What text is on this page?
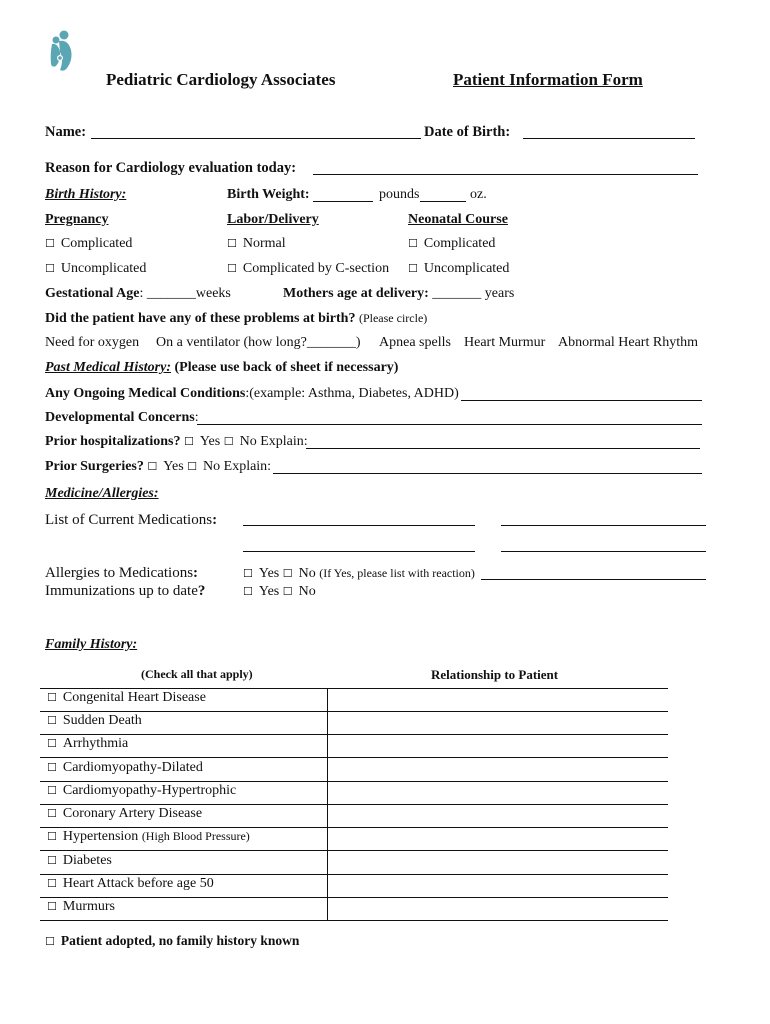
Pediatric Cardiology Associates	Patient Information Form
Name:	Date of Birth:
Reason for Cardiology evaluation today:
Birth History:	Birth Weight:	pounds	oz.
Pregnancy	Labor/Delivery	Neonatal Course
☐ Complicated	☐ Normal	☐ Complicated
☐ Uncomplicated	☐ Complicated by C-section ☐ Uncomplicated
Gestational Age: _______weeks	Mothers age at delivery: _______ years
Did the patient have any of these problems at birth? (Please circle)
Need for oxygen On a ventilator (how long?_______) Apnea spells Heart Murmur Abnormal Heart Rhythm
Past Medical History: (Please use back of sheet if necessary)
Any Ongoing Medical Conditions:(example: Asthma, Diabetes, ADHD)
Developmental Concerns:
Prior hospitalizations? ☐ Yes ☐ No Explain:
Prior Surgeries? ☐ Yes ☐ No Explain:
Medicine/Allergies:
List of Current Medications:
Allergies to Medications:	☐ Yes ☐ No (If Yes, please list with reaction)
Immunizations up to date?	☐ Yes ☐ No
Family History:
(Check all that apply)	Relationship to Patient
☐ Congenital Heart Disease
☐ Sudden Death
☐ Arrhythmia
☐ Cardiomyopathy-Dilated
☐ Cardiomyopathy-Hypertrophic
☐ Coronary Artery Disease
☐ Hypertension (High Blood Pressure)
☐ Diabetes
☐ Heart Attack before age 50
☐ Murmurs
☐ Patient adopted, no family history known
